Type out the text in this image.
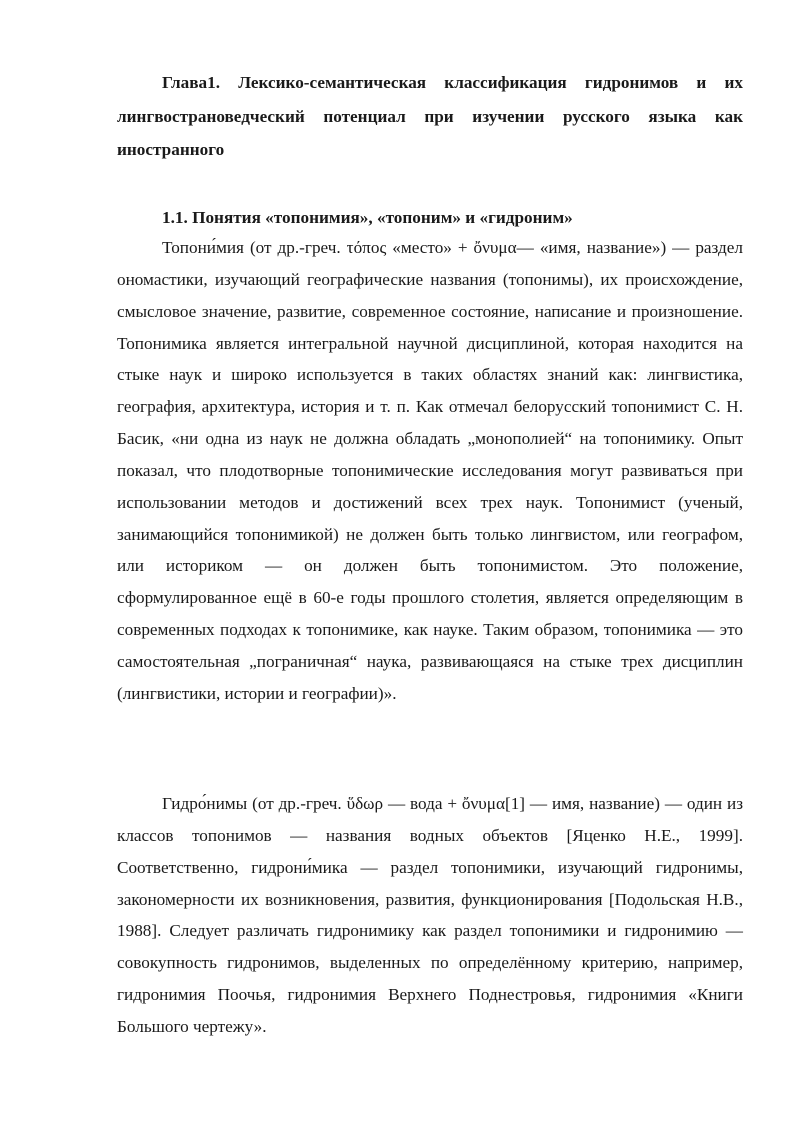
Глава1. Лексико-семантическая классификация гидронимов и их лингвострановедческий потенциал при изучении русского языка как иностранного

1.1. Понятия «топонимия», «топоним» и «гидроним»

Топони́мия (от др.-греч. τόπος «место» + ὄνυμα— «имя, название») — раздел ономастики, изучающий географические названия (топонимы), их происхождение, смысловое значение, развитие, современное состояние, написание и произношение. Топонимика является интегральной научной дисциплиной, которая находится на стыке наук и широко используется в таких областях знаний как: лингвистика, география, архитектура, история и т. п. Как отмечал белорусский топонимист С. Н. Басик, «ни одна из наук не должна обладать „монополией“ на топонимику. Опыт показал, что плодотворные топонимические исследования могут развиваться при использовании методов и достижений всех трех наук. Топонимист (ученый, занимающийся топонимикой) не должен быть только лингвистом, или географом, или историком — он должен быть топонимистом. Это положение, сформулированное ещё в 60-е годы прошлого столетия, является определяющим в современных подходах к топонимике, как науке. Таким образом, топонимика — это самостоятельная „пограничная“ наука, развивающаяся на стыке трех дисциплин (лингвистики, истории и географии)».

Гидро́нимы (от др.-греч. ὕδωρ — вода + ὄνυμα[1] — имя, название) — один из классов топонимов — названия водных объектов [Яценко Н.Е., 1999]. Соответственно, гидрони́мика — раздел топонимики, изучающий гидронимы, закономерности их возникновения, развития, функционирования [Подольская Н.В., 1988]. Следует различать гидронимику как раздел топонимики и гидронимию — совокупность гидронимов, выделенных по определённому критерию, например, гидронимия Поочья, гидронимия Верхнего Поднестровья, гидронимия «Книги Большого чертежу».
